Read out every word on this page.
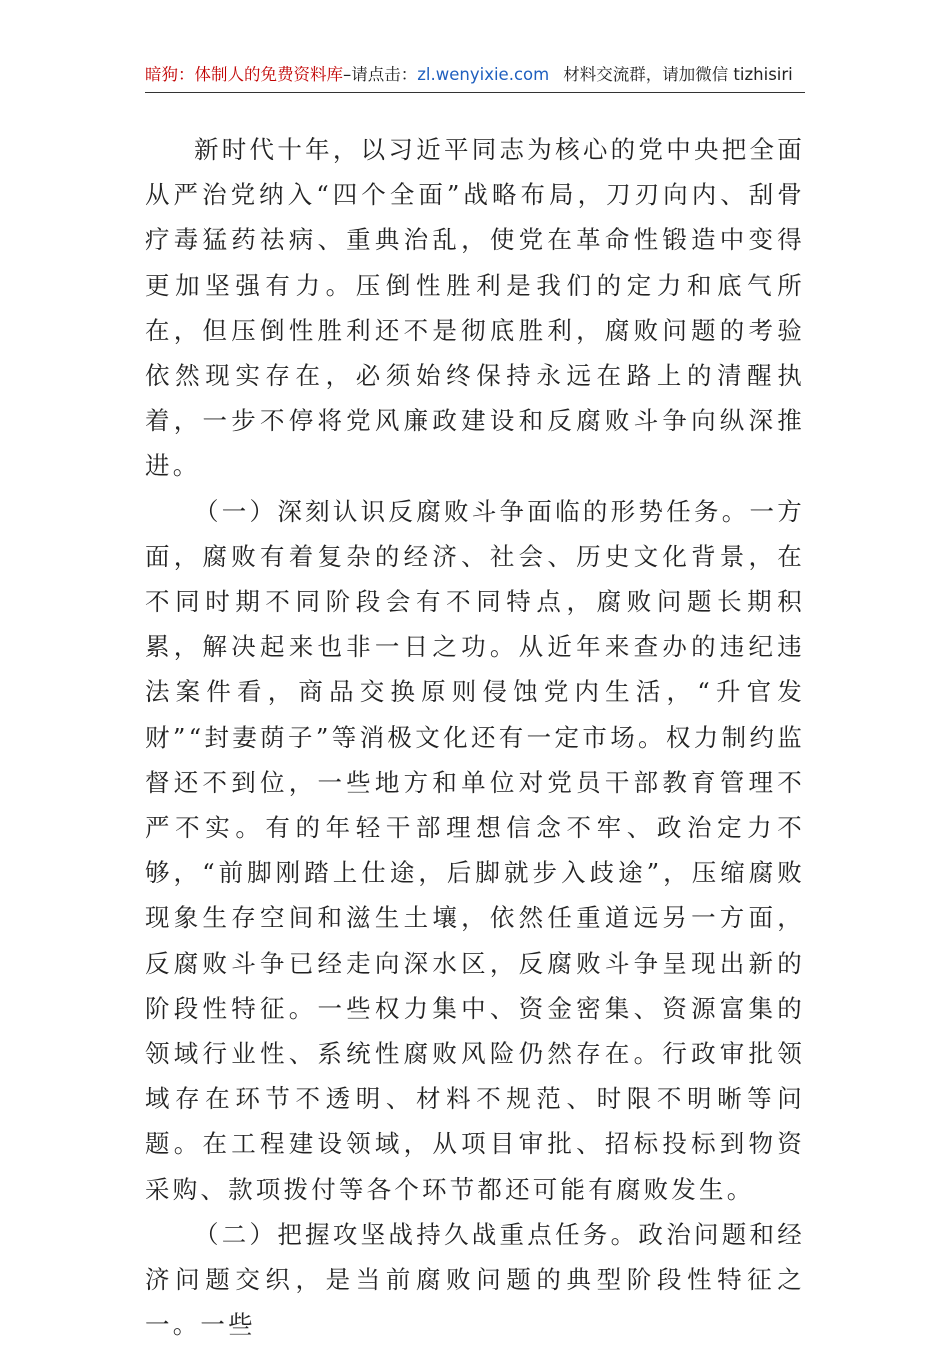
暗狗：体制人的免费资料库–请点击：zl.wenyixie.com 材料交流群，请加微信 tizhisiri

新时代十年，以习近平同志为核心的党中央把全面从严治党纳入“四个全面”战略布局，刀刃向内、刮骨疗毒猛药祛病、重典治乱，使党在革命性锻造中变得更加坚强有力。压倒性胜利是我们的定力和底气所在，但压倒性胜利还不是彻底胜利，腐败问题的考验依然现实存在，必须始终保持永远在路上的清醒执着，一步不停将党风廉政建设和反腐败斗争向纵深推进。

（一）深刻认识反腐败斗争面临的形势任务。一方面，腐败有着复杂的经济、社会、历史文化背景，在不同时期不同阶段会有不同特点，腐败问题长期积累，解决起来也非一日之功。从近年来查办的违纪违法案件看，商品交换原则侵蚀党内生活，“升官发财”“封妻荫子”等消极文化还有一定市场。权力制约监督还不到位，一些地方和单位对党员干部教育管理不严不实。有的年轻干部理想信念不牢、政治定力不够，“前脚刚踏上仕途，后脚就步入歧途”，压缩腐败现象生存空间和滋生土壤，依然任重道远另一方面，反腐败斗争已经走向深水区，反腐败斗争呈现出新的阶段性特征。一些权力集中、资金密集、资源富集的领域行业性、系统性腐败风险仍然存在。行政审批领域存在环节不透明、材料不规范、时限不明晰等问题。在工程建设领域，从项目审批、招标投标到物资采购、款项拨付等各个环节都还可能有腐败发生。

（二）把握攻坚战持久战重点任务。政治问题和经济问题交织，是当前腐败问题的典型阶段性特征之一。一些
